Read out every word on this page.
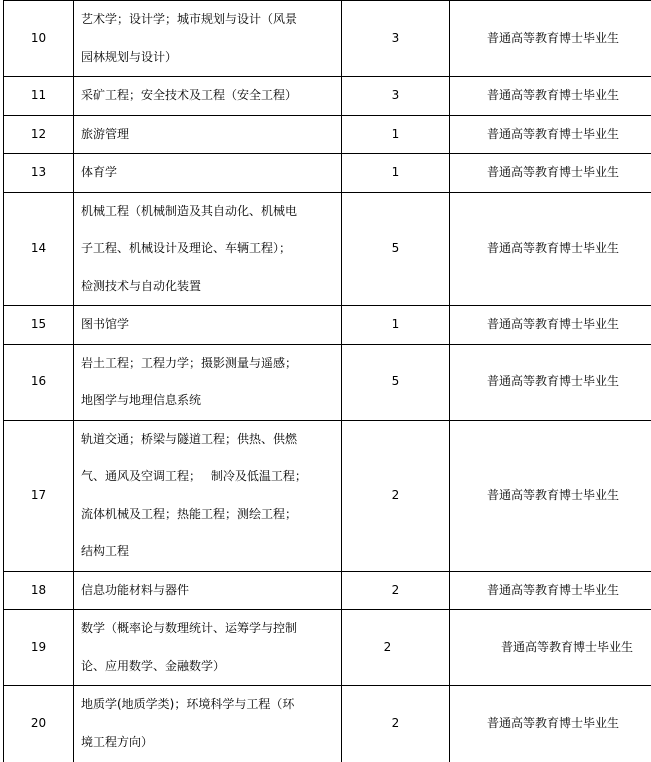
10	艺术学；设计学；城市规划与设计（风景
园林规划与设计）	3	普通高等教育博士毕业生
11	采矿工程；安全技术及工程（安全工程）	3	普通高等教育博士毕业生
12	旅游管理	1	普通高等教育博士毕业生
13	体育学	1	普通高等教育博士毕业生
14	机械工程（机械制造及其自动化、机械电
子工程、机械设计及理论、车辆工程）；
检测技术与自动化装置	5	普通高等教育博士毕业生
15	图书馆学	1	普通高等教育博士毕业生
16	岩土工程；工程力学；摄影测量与遥感；
地图学与地理信息系统	5	普通高等教育博士毕业生
17	轨道交通；桥梁与隧道工程；供热、供燃
气、通风及空调工程；　 制冷及低温工程；
流体机械及工程；热能工程；测绘工程；
结构工程	2	普通高等教育博士毕业生
18	信息功能材料与器件	2	普通高等教育博士毕业生
19	数学（概率论与数理统计、运筹学与控制
论、应用数学、金融数学）	2	普通高等教育博士毕业生
20	地质学(地质学类)；环境科学与工程（环
境工程方向）	2	普通高等教育博士毕业生
